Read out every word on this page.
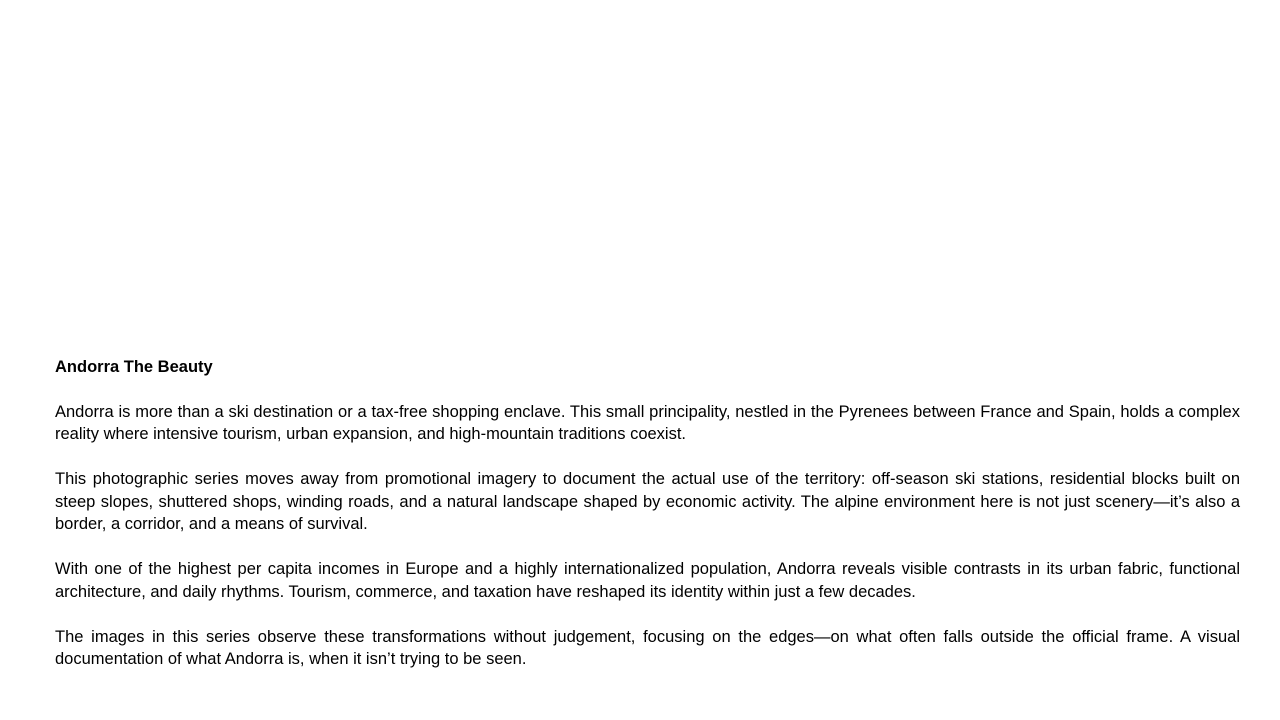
Andorra The Beauty

Andorra is more than a ski destination or a tax-free shopping enclave. This small principality, nestled in the Pyrenees between France and Spain, holds a complex reality where intensive tourism, urban expansion, and high-mountain traditions coexist.

This photographic series moves away from promotional imagery to document the actual use of the territory: off-season ski stations, residential blocks built on steep slopes, shuttered shops, winding roads, and a natural landscape shaped by economic activity. The alpine environment here is not just scenery—it’s also a border, a corridor, and a means of survival.

With one of the highest per capita incomes in Europe and a highly internationalized population, Andorra reveals visible contrasts in its urban fabric, functional architecture, and daily rhythms. Tourism, commerce, and taxation have reshaped its identity within just a few decades.

The images in this series observe these transformations without judgement, focusing on the edges—on what often falls outside the official frame. A visual documentation of what Andorra is, when it isn’t trying to be seen.
